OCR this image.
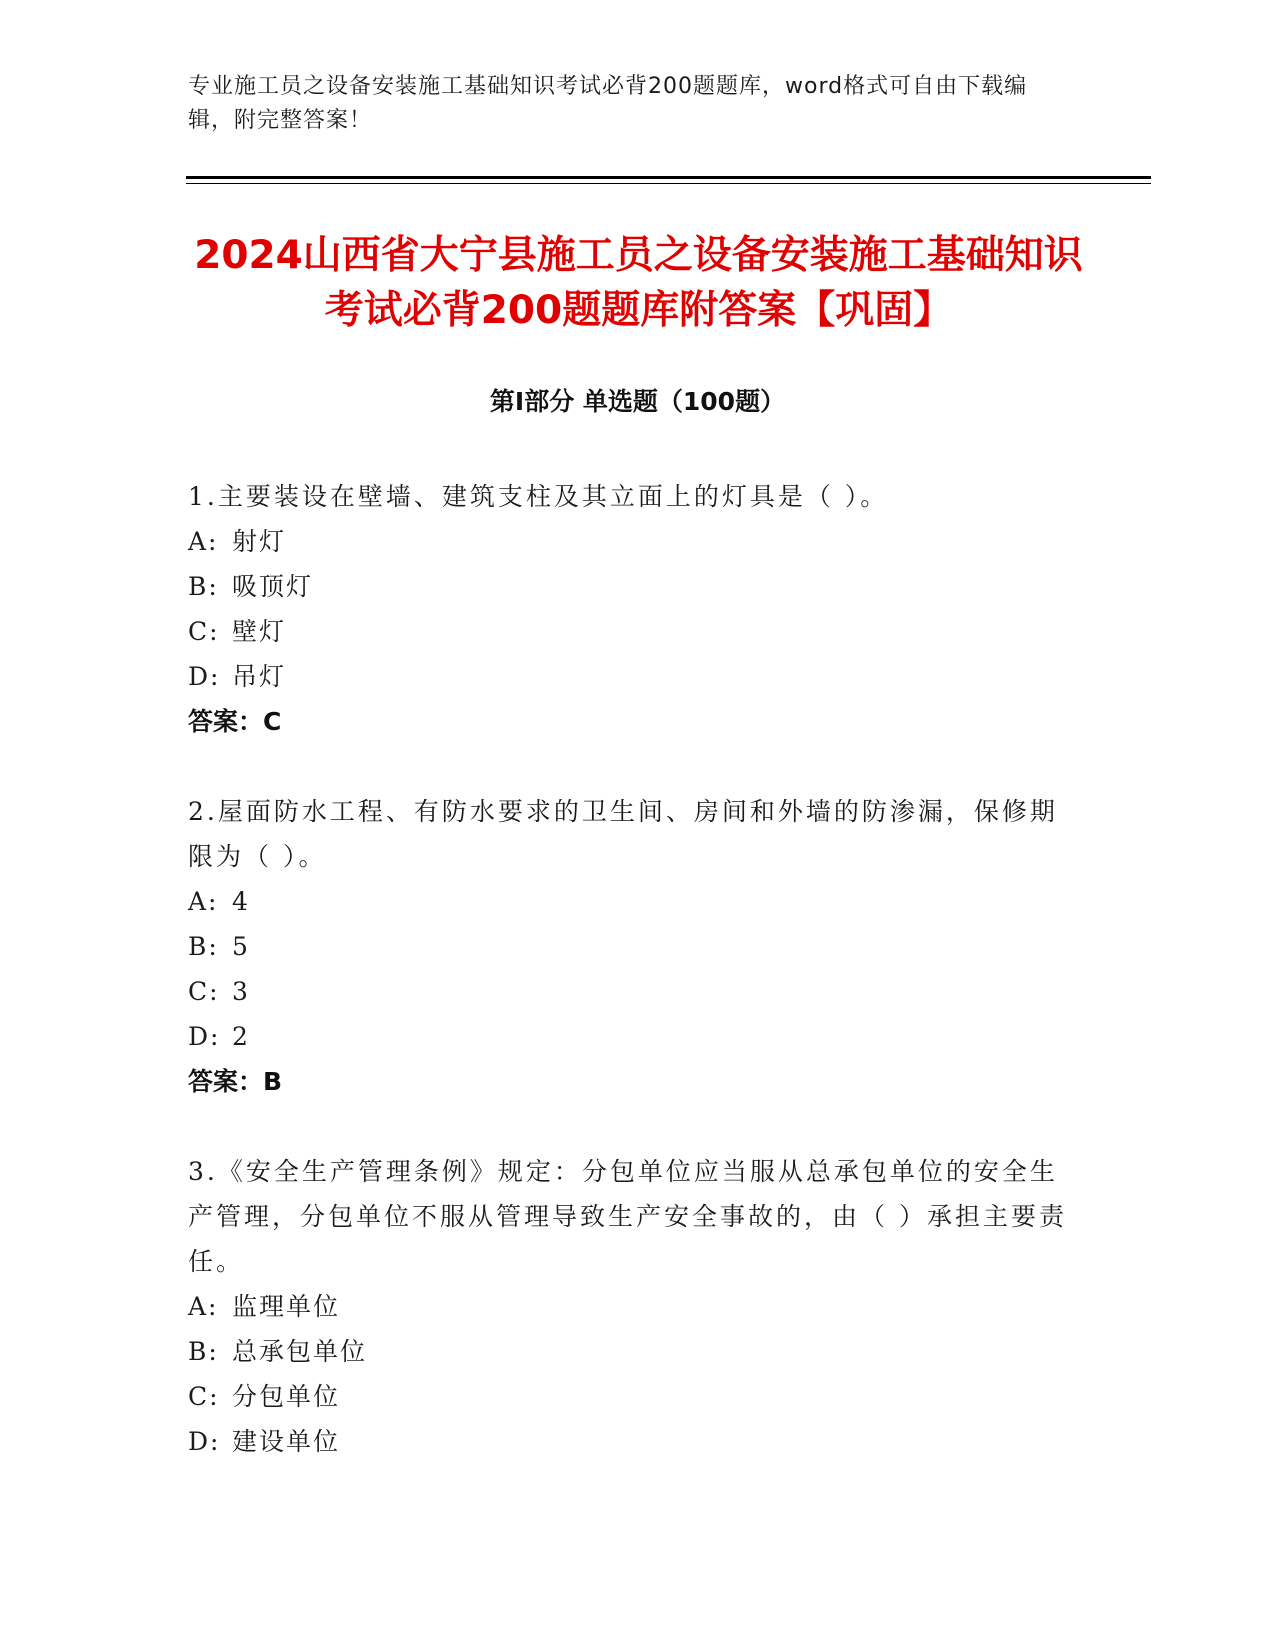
专业施工员之设备安装施工基础知识考试必背200题题库，word格式可自由下载编辑，附完整答案！
2024山西省大宁县施工员之设备安装施工基础知识考试必背200题题库附答案【巩固】
第Ⅰ部分 单选题（100题）

1.主要装设在壁墙、建筑支柱及其立面上的灯具是（ ）。

A: 射灯
B: 吸顶灯
C: 壁灯
D: 吊灯
答案：C

2.屋面防水工程、有防水要求的卫生间、房间和外墙的防渗漏，保修期限为（ ）。

A: 4
B: 5
C: 3
D: 2
答案：B

3.《安全生产管理条例》规定：分包单位应当服从总承包单位的安全生产管理，分包单位不服从管理导致生产安全事故的，由（ ）承担主要责任。

A: 监理单位
B: 总承包单位
C: 分包单位
D: 建设单位
